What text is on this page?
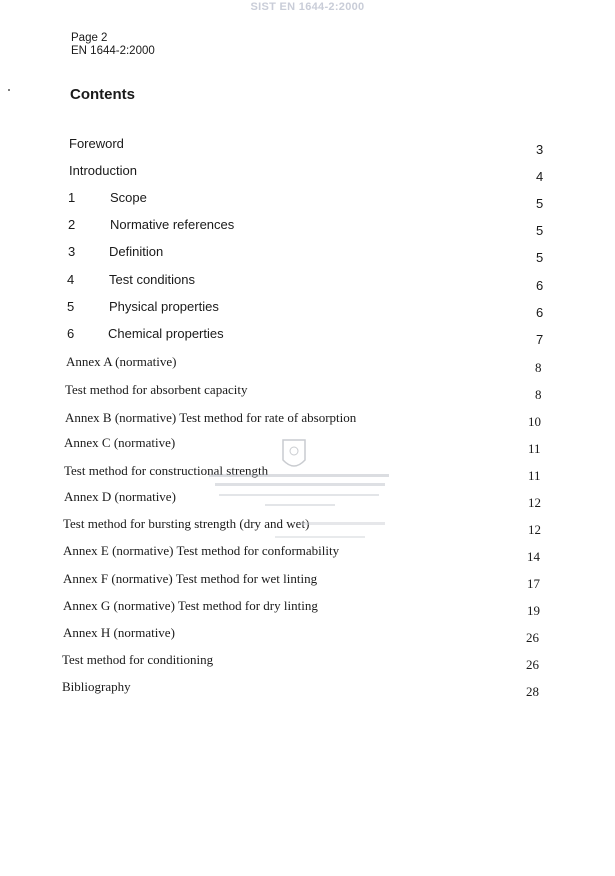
SIST EN 1644-2:2000
Page 2
EN 1644-2:2000
Contents
Foreword	3
Introduction	4
1	Scope	5
2	Normative references	5
3	Definition	5
4	Test conditions	6
5	Physical properties	6
6	Chemical properties	7
Annex A (normative)	8
Test method for absorbent capacity	8
Annex B (normative) Test method for rate of absorption	10
Annex C (normative)	11
Test method for constructional strength	11
Annex D (normative)	12
Test method for bursting strength (dry and wet)	12
Annex E (normative) Test method for conformability	14
Annex F (normative) Test method for wet linting	17
Annex G (normative) Test method for dry linting	19
Annex H (normative)	26
Test method for conditioning	26
Bibliography	28
